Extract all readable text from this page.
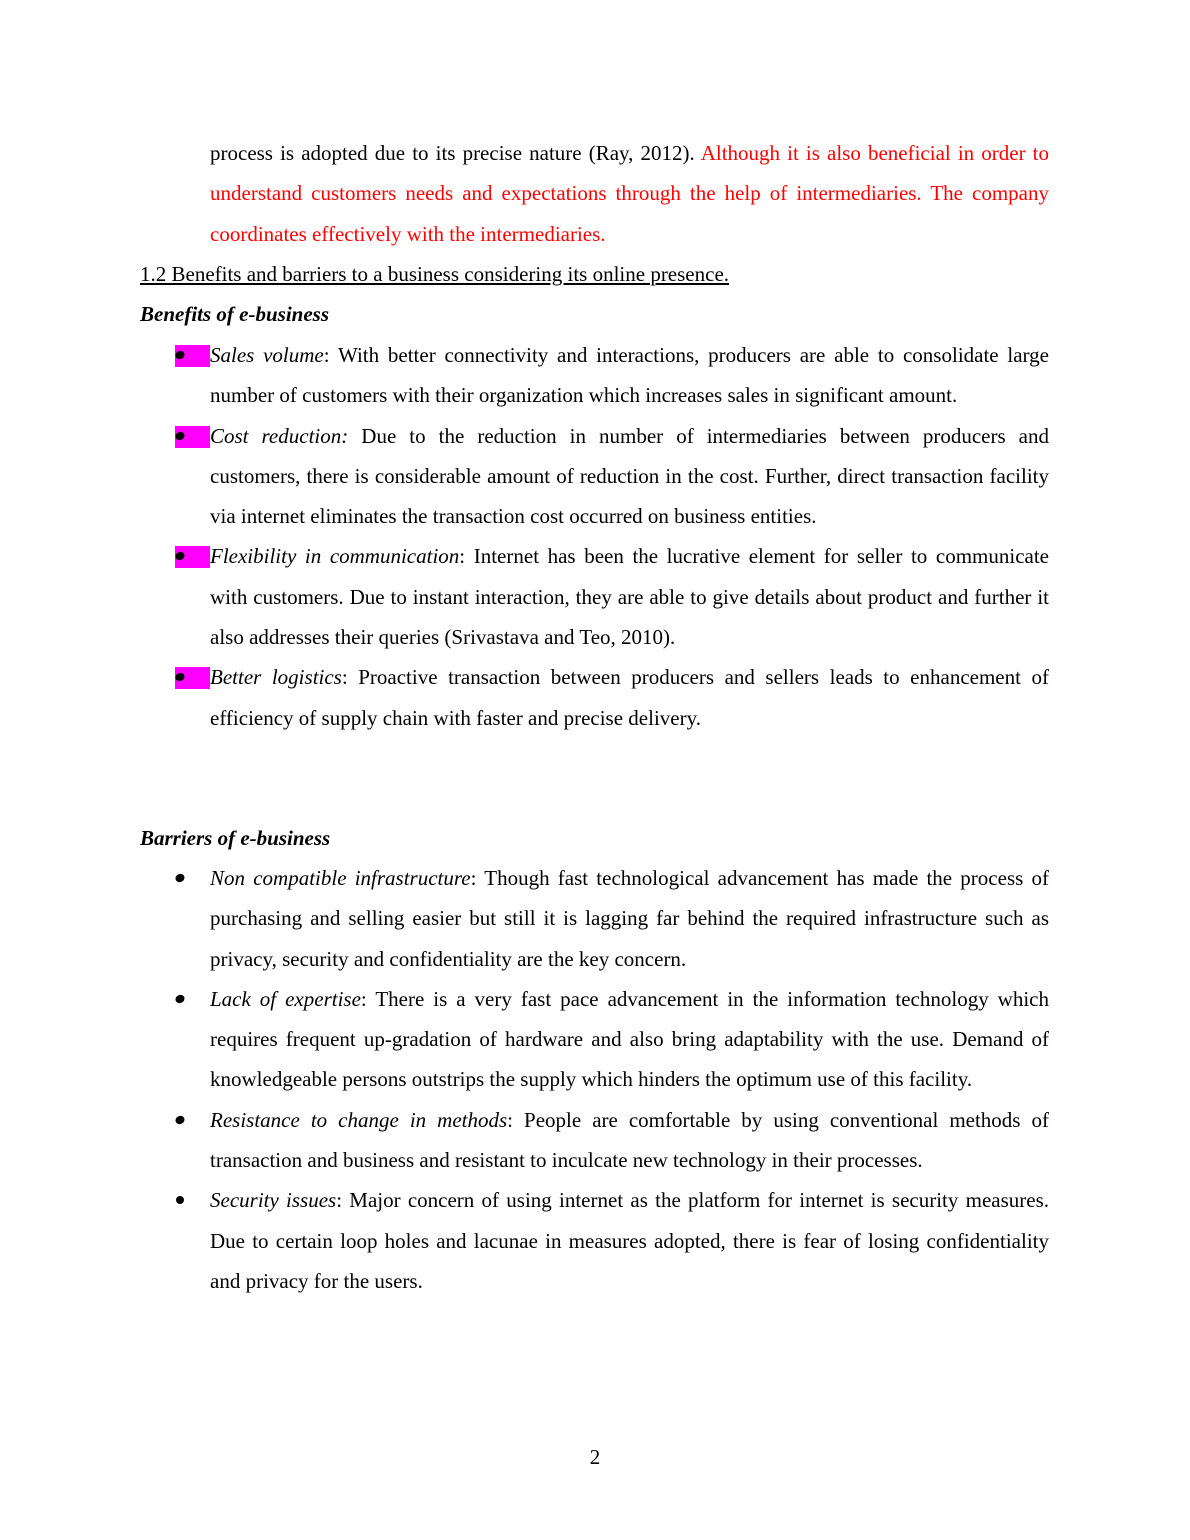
process is adopted due to its precise nature (Ray, 2012). Although it is also beneficial in order to understand customers needs and expectations through the help of intermediaries. The company coordinates effectively with the intermediaries.

1.2 Benefits and barriers to a business considering its online presence.
Benefits of e-business
Sales volume: With better connectivity and interactions, producers are able to consolidate large number of customers with their organization which increases sales in significant amount.
Cost reduction: Due to the reduction in number of intermediaries between producers and customers, there is considerable amount of reduction in the cost. Further, direct transaction facility via internet eliminates the transaction cost occurred on business entities.
Flexibility in communication: Internet has been the lucrative element for seller to communicate with customers. Due to instant interaction, they are able to give details about product and further it also addresses their queries (Srivastava and Teo, 2010).
Better logistics: Proactive transaction between producers and sellers leads to enhancement of efficiency of supply chain with faster and precise delivery.
Barriers of e-business
Non compatible infrastructure: Though fast technological advancement has made the process of purchasing and selling easier but still it is lagging far behind the required infrastructure such as privacy, security and confidentiality are the key concern.
Lack of expertise: There is a very fast pace advancement in the information technology which requires frequent up-gradation of hardware and also bring adaptability with the use. Demand of knowledgeable persons outstrips the supply which hinders the optimum use of this facility.
Resistance to change in methods: People are comfortable by using conventional methods of transaction and business and resistant to inculcate new technology in their processes.
Security issues: Major concern of using internet as the platform for internet is security measures. Due to certain loop holes and lacunae in measures adopted, there is fear of losing confidentiality and privacy for the users.
2
